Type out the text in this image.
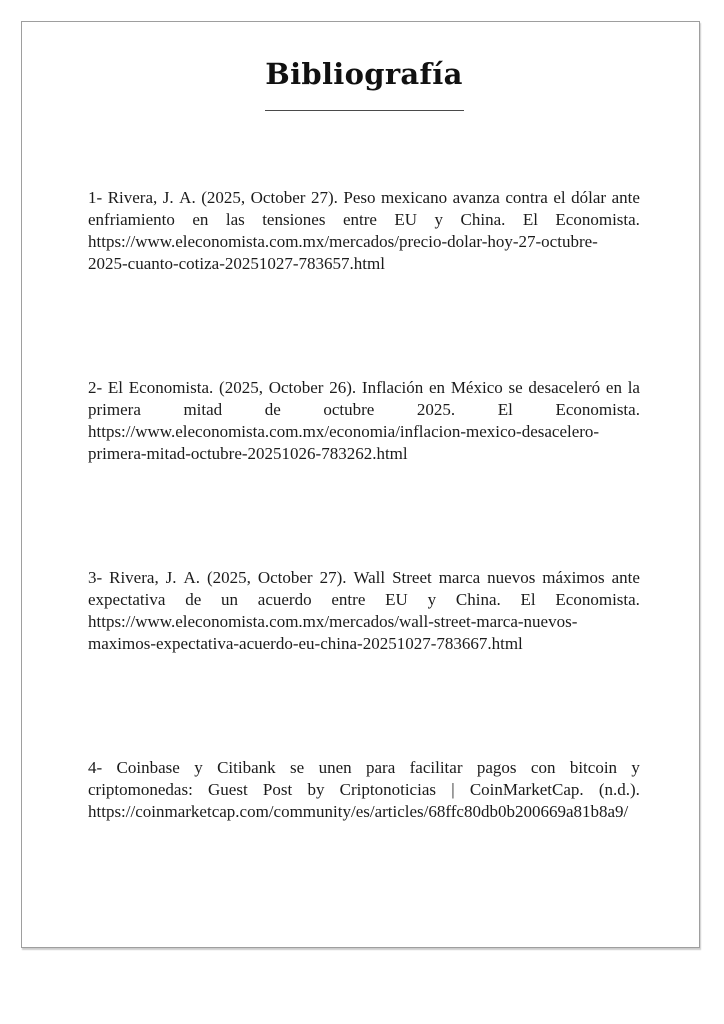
Bibliografía
1- Rivera, J. A. (2025, October 27). Peso mexicano avanza contra el dólar ante
enfriamiento en las tensiones entre EU y China. El Economista.
https://www.eleconomista.com.mx/mercados/precio-dolar-hoy-27-octubre-
2025-cuanto-cotiza-20251027-783657.html
2- El Economista. (2025, October 26). Inflación en México se desaceleró en la
primera	mitad	de	octubre	2025.	El	Economista.
https://www.eleconomista.com.mx/economia/inflacion-mexico-desacelero-
primera-mitad-octubre-20251026-783262.html
3- Rivera, J. A. (2025, October 27). Wall Street marca nuevos máximos ante
expectativa de un acuerdo entre EU y China. El Economista.
https://www.eleconomista.com.mx/mercados/wall-street-marca-nuevos-
maximos-expectativa-acuerdo-eu-china-20251027-783667.html
4- Coinbase y Citibank se unen para facilitar pagos con bitcoin y
criptomonedas: Guest Post by Criptonoticias | CoinMarketCap. (n.d.).
https://coinmarketcap.com/community/es/articles/68ffc80db0b200669a81b8a9/
